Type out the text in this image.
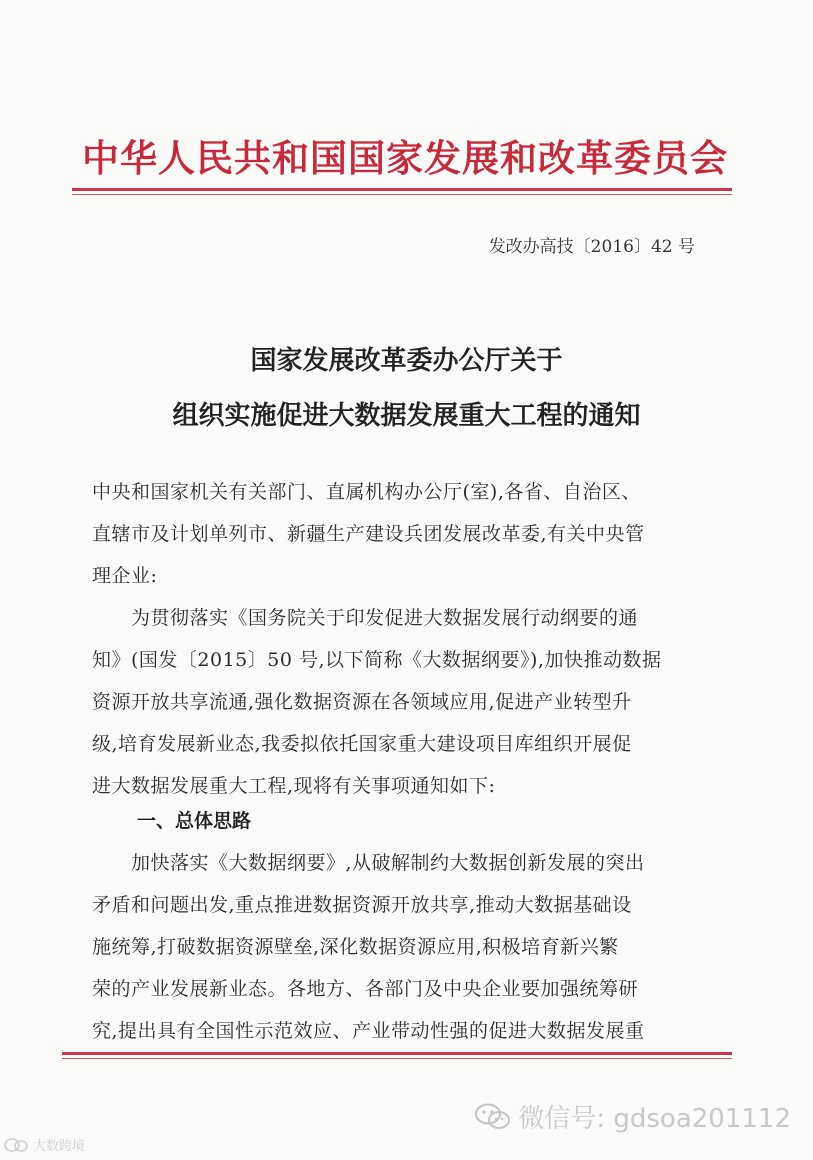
中华人民共和国国家发展和改革委员会
发改办高技〔2016〕42 号
国家发展改革委办公厅关于
组织实施促进大数据发展重大工程的通知
中央和国家机关有关部门、直属机构办公厅(室),各省、自治区、
直辖市及计划单列市、新疆生产建设兵团发展改革委,有关中央管
理企业:
　　为贯彻落实《国务院关于印发促进大数据发展行动纲要的通
知》(国发〔2015〕50 号,以下简称《大数据纲要》),加快推动数据
资源开放共享流通,强化数据资源在各领域应用,促进产业转型升
级,培育发展新业态,我委拟依托国家重大建设项目库组织开展促
进大数据发展重大工程,现将有关事项通知如下:
一、总体思路
　　加快落实《大数据纲要》,从破解制约大数据创新发展的突出
矛盾和问题出发,重点推进数据资源开放共享,推动大数据基础设
施统筹,打破数据资源壁垒,深化数据资源应用,积极培育新兴繁
荣的产业发展新业态。各地方、各部门及中央企业要加强统筹研
究,提出具有全国性示范效应、产业带动性强的促进大数据发展重
微信号: gdsoa201112
大数跨境
